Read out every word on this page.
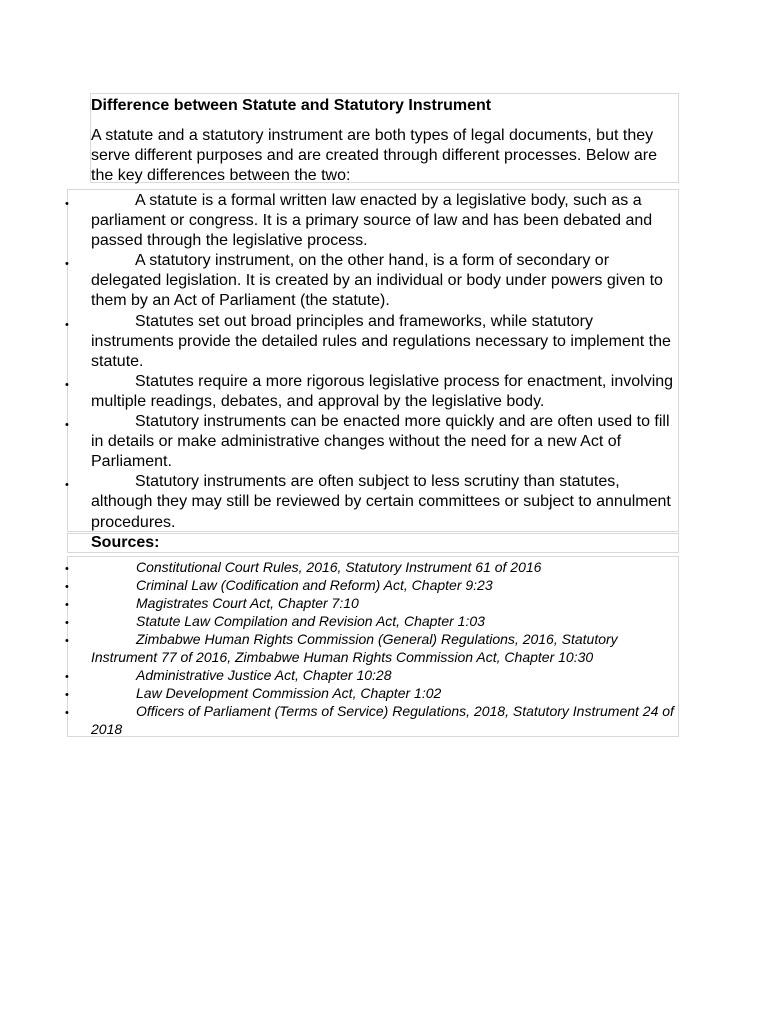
Difference between Statute and Statutory Instrument
A statute and a statutory instrument are both types of legal documents, but they serve different purposes and are created through different processes. Below are the key differences between the two:

•	A statute is a formal written law enacted by a legislative body, such as a parliament or congress. It is a primary source of law and has been debated and passed through the legislative process.

•	A statutory instrument, on the other hand, is a form of secondary or delegated legislation. It is created by an individual or body under powers given to them by an Act of Parliament (the statute).

•	Statutes set out broad principles and frameworks, while statutory instruments provide the detailed rules and regulations necessary to implement the statute.

•	Statutes require a more rigorous legislative process for enactment, involving multiple readings, debates, and approval by the legislative body.

•	Statutory instruments can be enacted more quickly and are often used to fill in details or make administrative changes without the need for a new Act of Parliament.

•	Statutory instruments are often subject to less scrutiny than statutes, although they may still be reviewed by certain committees or subject to annulment procedures.

Sources:

•	Constitutional Court Rules, 2016, Statutory Instrument 61 of 2016

•	Criminal Law (Codification and Reform) Act, Chapter 9:23

•	Magistrates Court Act, Chapter 7:10

•	Statute Law Compilation and Revision Act, Chapter 1:03

•	Zimbabwe Human Rights Commission (General) Regulations, 2016, Statutory Instrument 77 of 2016, Zimbabwe Human Rights Commission Act, Chapter 10:30

•	Administrative Justice Act, Chapter 10:28

•	Law Development Commission Act, Chapter 1:02

•	Officers of Parliament (Terms of Service) Regulations, 2018, Statutory Instrument 24 of 2018
